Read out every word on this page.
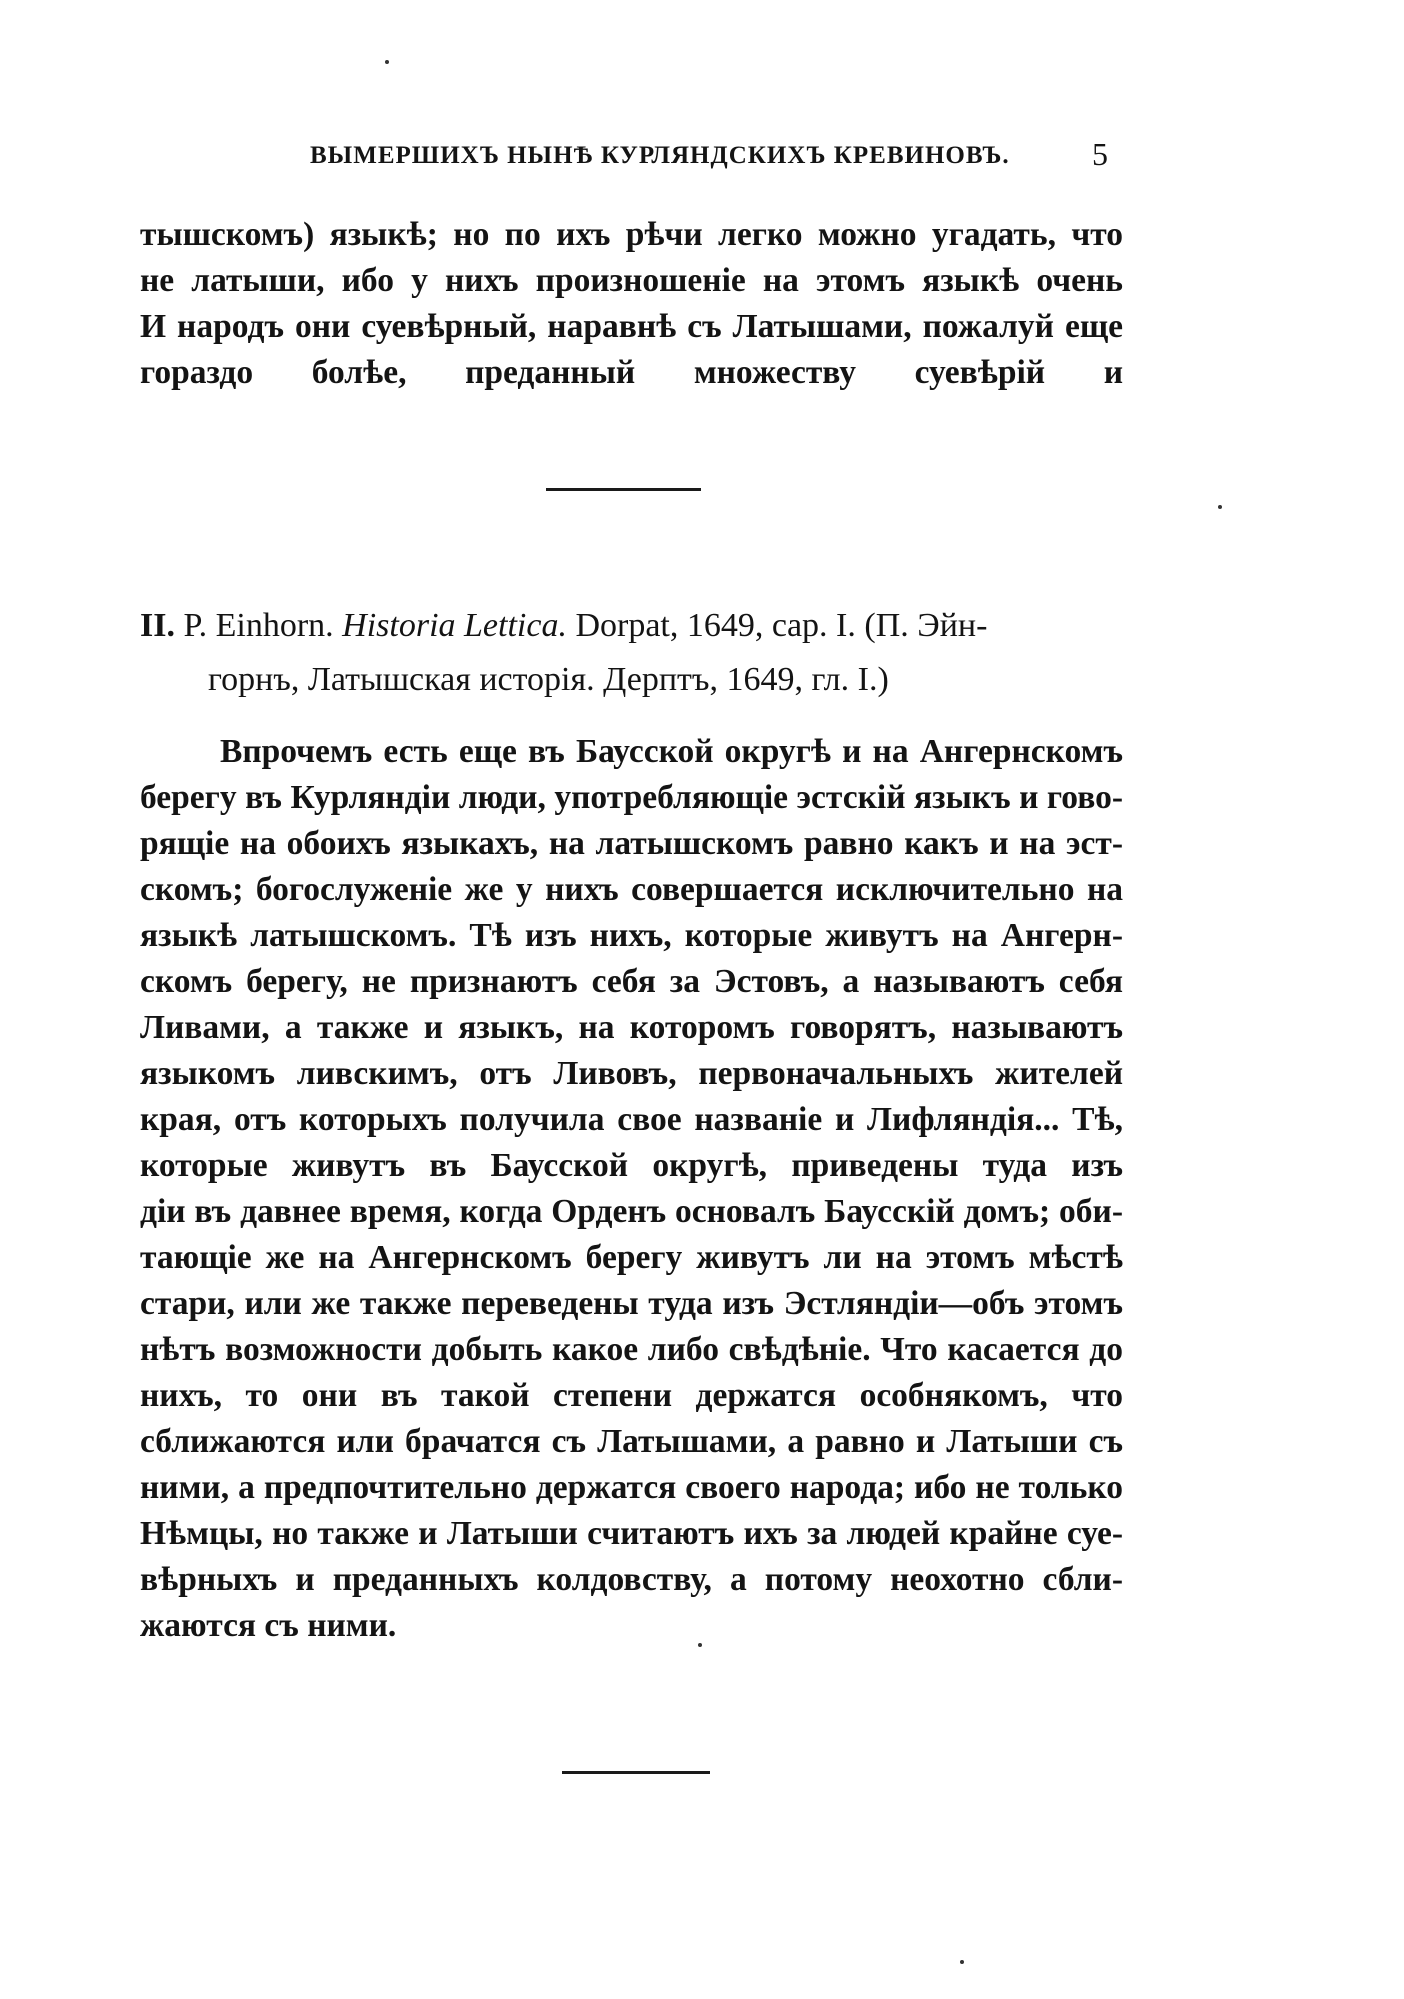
ВЫМЕРШИХЪ НЫНѢ КУРЛЯНДСКИХЪ КРЕВИНОВЪ.	5
тышскомъ) языкѣ; но по ихъ рѣчи легко можно угадать, что
не латыши, ибо у нихъ произношеніе на этомъ языкѣ очень
И народъ они суевѣрный, наравнѣ съ Латышами, пожалуй еще
гораздо болѣе, преданный множеству суевѣрій и
II. P. Einhorn. Historia Lettica. Dorpat, 1649, cap. I. (П. Эйн-
горнъ, Латышская исторія. Дерптъ, 1649, гл. I.)
Впрочемъ есть еще въ Баусской округѣ и на Ангернскомъ
берегу въ Курляндіи люди, употребляющіе эстскій языкъ и гово-
рящіе на обоихъ языкахъ, на латышскомъ равно какъ и на эст-
скомъ; богослуженіе же у нихъ совершается исключительно на
языкѣ латышскомъ. Тѣ изъ нихъ, которые живутъ на Ангерн-
скомъ берегу, не признаютъ себя за Эстовъ, а называютъ себя
Ливами, а также и языкъ, на которомъ говорятъ, называютъ
языкомъ ливскимъ, отъ Ливовъ, первоначальныхъ жителей
края, отъ которыхъ получила свое названіе и Лифляндія... Тѣ,
которые живутъ въ Баусской округѣ, приведены туда изъ
діи въ давнее время, когда Орденъ основалъ Баусскій домъ; оби-
тающіе же на Ангернскомъ берегу живутъ ли на этомъ мѣстѣ
стари, или же также переведены туда изъ Эстляндіи—объ этомъ
нѣтъ возможности добыть какое либо свѣдѣніе. Что касается до
нихъ, то они въ такой степени держатся особнякомъ, что
сближаются или брачатся съ Латышами, а равно и Латыши съ
ними, а предпочтительно держатся своего народа; ибо не только
Нѣмцы, но также и Латыши считаютъ ихъ за людей крайне суе-
вѣрныхъ и преданныхъ колдовству, а потому неохотно сбли-
жаются съ ними.
